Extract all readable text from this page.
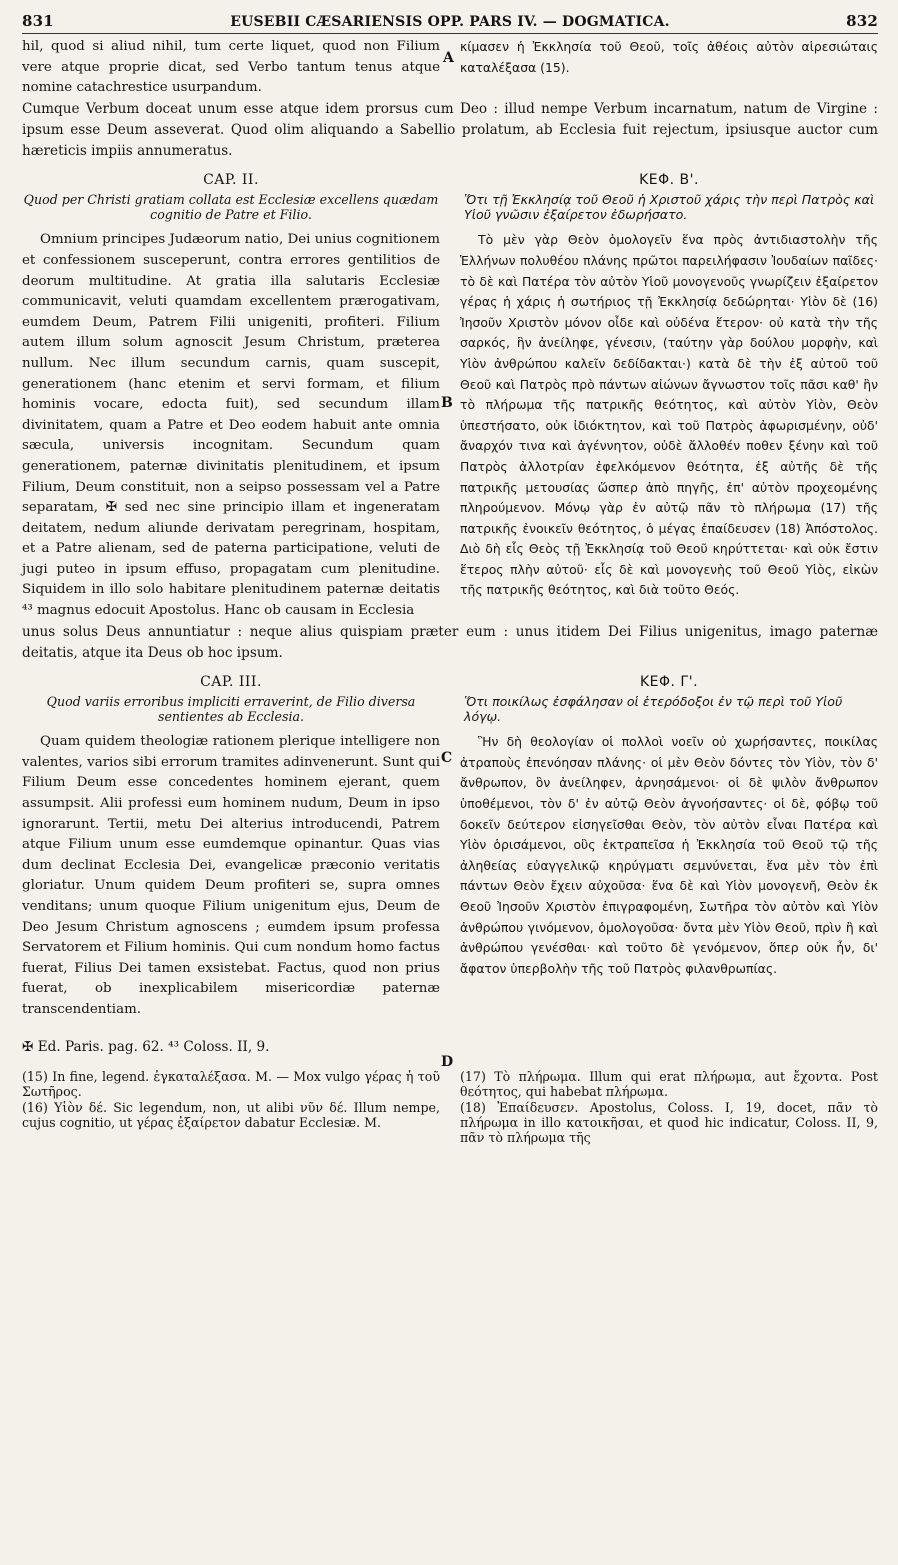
831	EUSEBII CÆSARIENSIS OPP. PARS IV. — DOGMATICA.	832

hil, quod si aliud nihil, tum certe liquet, quod non Filium vere atque proprie dicat, sed Verbo tantum tenus atque nomine catachrestice usurpandum.

κίμασεν ἡ Ἐκκλησία τοῦ Θεοῦ, τοῖς ἀθέοις αὐτὸν αἱρεσιώταις καταλέξασα (15).

A

Cumque Verbum doceat unum esse atque idem prorsus cum Deo : illud nempe Verbum incarnatum, natum de Virgine : ipsum esse Deum asseverat. Quod olim aliquando a Sabellio prolatum, ab Ecclesia fuit rejectum, ipsiusque auctor cum hæreticis impiis annumeratus.

CAP. II.
Quod per Christi gratiam collata est Ecclesiæ excellens quædam cognitio de Patre et Filio.

Omnium principes Judæorum natio, Dei unius cognitionem et confessionem susceperunt, contra errores gentilitios de deorum multitudine. At gratia illa salutaris Ecclesiæ communicavit, veluti quamdam excellentem prærogativam, eumdem Deum, Patrem Filii unigeniti, profiteri. Filium autem illum solum agnoscit Jesum Christum, præterea nullum. Nec illum secundum carnis, quam suscepit, generationem (hanc etenim et servi formam, et filium hominis vocare, edocta fuit), sed secundum illam divinitatem, quam a Patre et Deo eodem habuit ante omnia sæcula, universis incognitam. Secundum quam generationem, paternæ divinitatis plenitudinem, et ipsum Filium, Deum constituit, non a seipso possessam vel a Patre separatam, ✠ sed nec sine principio illam et ingeneratam deitatem, nedum aliunde derivatam peregrinam, hospitam, et a Patre alienam, sed de paterna participatione, veluti de jugi puteo in ipsum effuso, propagatam cum plenitudine. Siquidem in illo solo habitare plenitudinem paternæ deitatis ⁴³ magnus edocuit Apostolus. Hanc ob causam in Ecclesia

ΚΕΦ. Β'.
Ὅτι τῇ Ἐκκλησίᾳ τοῦ Θεοῦ ἡ Χριστοῦ χάρις τὴν περὶ Πατρὸς καὶ Υἱοῦ γνῶσιν ἐξαίρετον ἐδωρήσατο.

Τὸ μὲν γὰρ Θεὸν ὁμολογεῖν ἕνα πρὸς ἀντιδιαστολὴν τῆς Ἑλλήνων πολυθέου πλάνης πρῶτοι παρειλήφασιν Ἰουδαίων παῖδες· τὸ δὲ καὶ Πατέρα τὸν αὐτὸν Υἱοῦ μονογενοῦς γνωρίζειν ἐξαίρετον γέρας ἡ χάρις ἡ σωτήριος τῇ Ἐκκλησίᾳ δεδώρηται· Υἱὸν δὲ (16) Ἰησοῦν Χριστὸν μόνον οἶδε καὶ οὐδένα ἕτερον· οὐ κατὰ τὴν τῆς σαρκός, ἣν ἀνείληφε, γένεσιν, (ταύτην γὰρ δούλου μορφὴν, καὶ Υἱὸν ἀνθρώπου καλεῖν δεδίδακται·) κατὰ δὲ τὴν ἐξ αὐτοῦ τοῦ Θεοῦ καὶ Πατρὸς πρὸ πάντων αἰώνων ἄγνωστον τοῖς πᾶσι καθ' ἣν τὸ πλήρωμα τῆς πατρικῆς θεότητος, καὶ αὐτὸν Υἱὸν, Θεὸν ὑπεστήσατο, οὐκ ἰδιόκτητον, καὶ τοῦ Πατρὸς ἀφωρισμένην, οὐδ' ἄναρχόν τινα καὶ ἀγέννητον, οὐδὲ ἄλλοθέν ποθεν ξένην καὶ τοῦ Πατρὸς ἀλλοτρίαν ἐφελκόμενον θεότητα, ἐξ αὐτῆς δὲ τῆς πατρικῆς μετουσίας ὥσπερ ἀπὸ πηγῆς, ἐπ' αὐτὸν προχεομένης πληρούμενον. Μόνῳ γὰρ ἐν αὐτῷ πᾶν τὸ πλήρωμα (17) τῆς πατρικῆς ἐνοικεῖν θεότητος, ὁ μέγας ἐπαίδευσεν (18) Ἀπόστολος. Διὸ δὴ εἷς Θεὸς τῇ Ἐκκλησίᾳ τοῦ Θεοῦ κηρύττεται· καὶ οὐκ ἔστιν ἕτερος πλὴν αὐτοῦ· εἷς δὲ καὶ μονογενὴς τοῦ Θεοῦ Υἱὸς, εἰκὼν τῆς πατρικῆς θεότητος, καὶ διὰ τοῦτο Θεός.

B
C

unus solus Deus annuntiatur : neque alius quispiam præter eum : unus itidem Dei Filius unigenitus, imago paternæ deitatis, atque ita Deus ob hoc ipsum.

CAP. III.
Quod variis erroribus impliciti erraverint, de Filio diversa sentientes ab Ecclesia.

Quam quidem theologiæ rationem plerique intelligere non valentes, varios sibi errorum tramites adinvenerunt. Sunt qui Filium Deum esse concedentes hominem ejerant, quem assumpsit. Alii professi eum hominem nudum, Deum in ipso ignorarunt. Tertii, metu Dei alterius introducendi, Patrem atque Filium unum esse eumdemque opinantur. Quas vias dum declinat Ecclesia Dei, evangelicæ præconio veritatis gloriatur. Unum quidem Deum profiteri se, supra omnes venditans; unum quoque Filium unigenitum ejus, Deum de Deo Jesum Christum agnoscens ; eumdem ipsum professa Servatorem et Filium hominis. Qui cum nondum homo factus fuerat, Filius Dei tamen exsistebat. Factus, quod non prius fuerat, ob inexplicabilem misericordiæ paternæ transcendentiam.

ΚΕΦ. Γ'.
Ὅτι ποικίλως ἐσφάλησαν οἱ ἑτερόδοξοι ἐν τῷ περὶ τοῦ Υἱοῦ λόγῳ.

Ἣν δὴ θεολογίαν οἱ πολλοὶ νοεῖν οὐ χωρήσαντες, ποικίλας ἀτραποὺς ἐπενόησαν πλάνης· οἱ μὲν Θεὸν δόντες τὸν Υἱὸν, τὸν δ' ἄνθρωπον, ὃν ἀνείληφεν, ἀρνησάμενοι· οἱ δὲ ψιλὸν ἄνθρωπον ὑποθέμενοι, τὸν δ' ἐν αὐτῷ Θεὸν ἀγνοήσαντες· οἱ δὲ, φόβῳ τοῦ δοκεῖν δεύτερον εἰσηγεῖσθαι Θεὸν, τὸν αὐτὸν εἶναι Πατέρα καὶ Υἱὸν ὁρισάμενοι, οὓς ἐκτραπεῖσα ἡ Ἐκκλησία τοῦ Θεοῦ τῷ τῆς ἀληθείας εὐαγγελικῷ κηρύγματι σεμνύνεται, ἕνα μὲν τὸν ἐπὶ πάντων Θεὸν ἔχειν αὐχοῦσα· ἕνα δὲ καὶ Υἱὸν μονογενῆ, Θεὸν ἐκ Θεοῦ Ἰησοῦν Χριστὸν ἐπιγραφομένη, Σωτῆρα τὸν αὐτὸν καὶ Υἱὸν ἀνθρώπου γινόμενον, ὁμολογοῦσα· ὄντα μὲν Υἱὸν Θεοῦ, πρὶν ἢ καὶ ἀνθρώπου γενέσθαι· καὶ τοῦτο δὲ γενόμενον, ὅπερ οὐκ ἦν, δι' ἄφατον ὑπερβολὴν τῆς τοῦ Πατρὸς φιλανθρωπίας.

D
✠ Ed. Paris. pag. 62. ⁴³ Coloss. II, 9.

(15) In fine, legend. ἐγκαταλέξασα. M. — Mox vulgo γέρας ἡ τοῦ Σωτῆρος.

(16) Υἱὸν δέ. Sic legendum, non, ut alibi νῦν δέ. Illum nempe, cujus cognitio, ut γέρας ἐξαίρετον dabatur Ecclesiæ. M.

(17) Τὸ πλήρωμα. Illum qui erat πλήρωμα, aut ἔχοντα. Post θεότητος, qui habebat πλήρωμα.

(18) Ἐπαίδευσεν. Apostolus, Coloss. I, 19, docet, πᾶν τὸ πλήρωμα in illo κατοικῆσαι, et quod hic indicatur, Coloss. II, 9, πᾶν τὸ πλήρωμα τῆς
